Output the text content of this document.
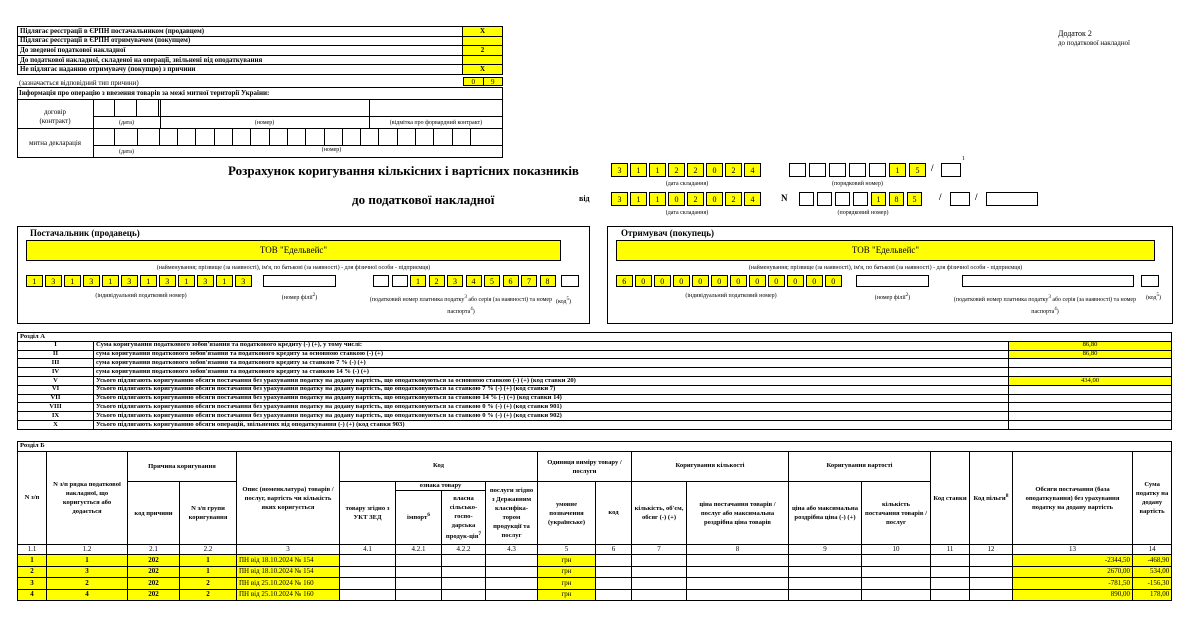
Підлягає реєстрації в ЄРПН постачальником (продавцем)	X
Підлягає реєстрації в ЄРПН отримувачем (покупцем)	
До зведеної податкової накладної	2
До податкової накладної, складеної на операції, звільнені від оподаткування	
Не підлягає наданню отримувачу (покупцю) з причини	X
(зазначається відповідний тип причини)	0	9
Інформація про операцію з ввезення товарів за межі митної території України:
договір (контракт)
митна декларація
(дата)	(номер)	(відмітка про форвардний контракт)
(дата)	(номер)
Додаток 2
до податкової накладної
Розрахунок коригування кількісних і вартісних показників
до податкової накладної	від	N
1
3	1	1	2	2	0	2	4
(дата складання)
1	5
(порядковий номер)
/
3	1	1	0	2	0	2	4
(дата складання)
1	8	5
(порядковий номер)
/	/
Постачальник (продавець)
ТОВ "Едельвейс"
(найменування; прізвище (за наявності), ім'я, по батькові (за наявності) - для фізичної особи - підприємця)
1	3	1	3	1	3	1	3	1	3	1	3
(індивідуальний податковий номер)	(номер філії$^2$)
1	2	3	4	5	6	7	8
(податковий номер платника податку$^3$ або серія (за наявності) та номер паспорта$^4$)
(код$^5$)
Отримувач (покупець)
ТОВ "Едельвейс"
(найменування; прізвище (за наявності), ім'я, по батькові (за наявності) - для фізичної особи - підприємця)
6	0	0	0	0	0	0	0	0	0	0	0
(індивідуальний податковий номер)	(номер філії$^2$)	(податковий номер платника податку$^3$ або серія (за наявності) та номер паспорта$^4$)
(код$^5$)
Розділ А		
I	Сума коригування податкового зобов'язання та податкового кредиту (-) (+), у тому числі:	86,80
II	сума коригування податкового зобов'язання та податкового кредиту за основною ставкою (-) (+)	86,80
III	сума коригування податкового зобов'язання та податкового кредиту за ставкою 7 % (-) (+)	
IV	сума коригування податкового зобов'язання та податкового кредиту за ставкою 14 % (-) (+)	
V	Усього підлягають коригуванню обсяги постачання без урахування податку на додану вартість, що оподатковуються за основною ставкою (-) (+) (код ставки 20)	434,00
VI	Усього підлягають коригуванню обсяги постачання без урахування податку на додану вартість, що оподатковуються за ставкою 7 % (-) (+) (код ставки 7)	
VII	Усього підлягають коригуванню обсяги постачання без урахування податку на додану вартість, що оподатковуються за ставкою 14 % (-) (+) (код ставки 14)	
VIII	Усього підлягають коригуванню обсяги постачання без урахування податку на додану вартість, що оподатковуються за ставкою 0 % (-) (+) (код ставки 901)	
IX	Усього підлягають коригуванню обсяги постачання без урахування податку на додану вартість, що оподатковуються за ставкою 0 % (-) (+) (код ставки 902)	
X	Усього підлягають коригуванню обсяги операцій, звільнених від оподаткування (-) (+) (код ставки 903)	
Розділ Б																		
N з/п	N з/п рядка податкової накладної, що коригується або додається	Причина коригування		Опис (номенклатура) товарів / послуг, вартість чи кількість яких коригується	Код				Одиниця виміру товару / послуги		Коригування кількості		Коригування вартості		Код ставки	Код пільги$^8$	Обсяги постачання (база оподаткування) без урахування податку на додану вартість	Сума податку на додану вартість
		код причини	N з/п групи коригування		товару згідно з УКТ ЗЕД	ознака товару		послуги згідно з Державним класифіка-тором продукції та послуг	умовне позначення (українське)	код	кількість, об'єм, обсяг (-) (+)	ціна постачання товарів / послуг або максимальна роздрібна ціна товарів	ціна або максимальна роздрібна ціна (-) (+)	кількість постачання товарів / послуг				
						імпорт$^6$	власна сільсько-госпо-дарська продук-ція$^7$
1.1	1.2	2.1	2.2	3	4.1	4.2.1	4.2.2	4.3	5	6	7	8	9	10	11	12	13	14
1	1	202	1	ПН від 18.10.2024 № 154					грн								-2344,50	-468,90
2	3	202	1	ПН від 18.10.2024 № 154					грн								2670,00	534,00
3	2	202	2	ПН від 25.10.2024 № 160					грн								-781,50	-156,30
4	4	202	2	ПН від 25.10.2024 № 160					грн								890,00	178,00
